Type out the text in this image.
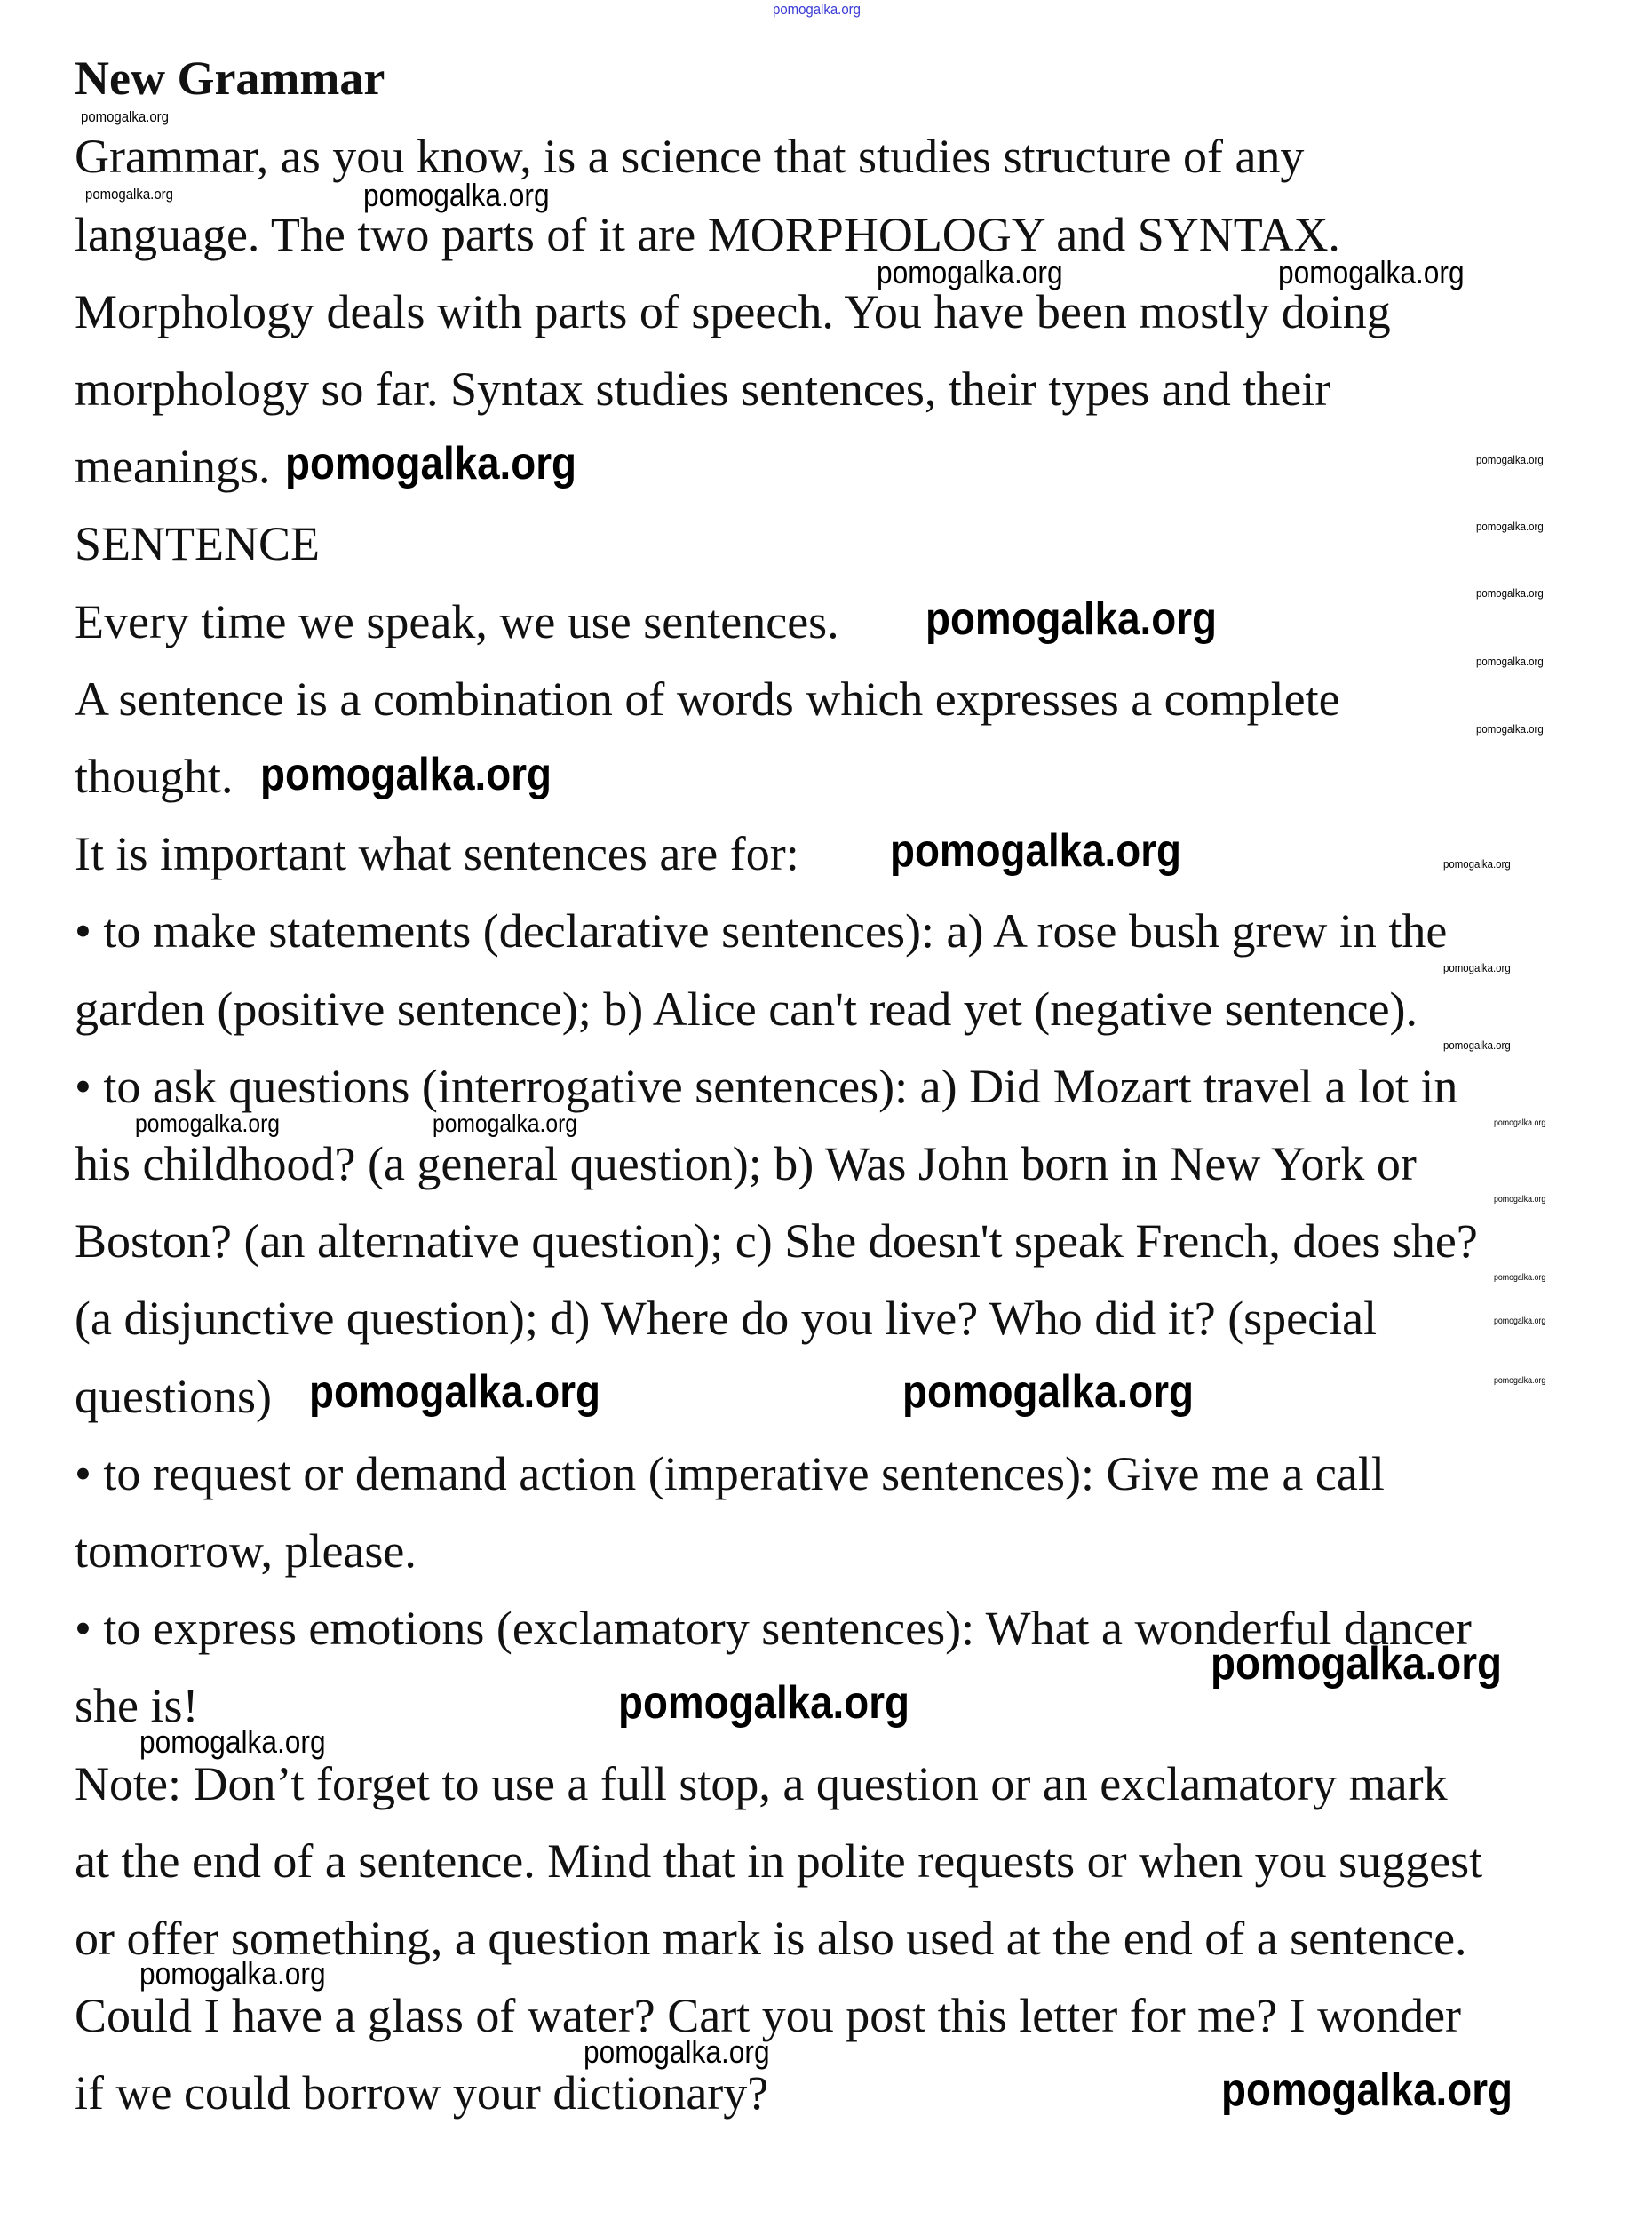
New Grammar
Grammar, as you know, is a science that studies structure of any
language. The two parts of it are MORPHOLOGY and SYNTAX.
Morphology deals with parts of speech. You have been mostly doing
morphology so far. Syntax studies sentences, their types and their
meanings.
SENTENCE
Every time we speak, we use sentences.
A sentence is a combination of words which expresses a complete
thought.
It is important what sentences are for:
• to make statements (declarative sentences): a) A rose bush grew in the
garden (positive sentence); b) Alice can't read yet (negative sentence).
• to ask questions (interrogative sentences): a) Did Mozart travel a lot in
his childhood? (a general question); b) Was John born in New York or
Boston? (an alternative question); c) She doesn't speak French, does she?
(a disjunctive question); d) Where do you live? Who did it? (special
questions)
• to request or demand action (imperative sentences): Give me a call
tomorrow, please.
• to express emotions (exclamatory sentences): What a wonderful dancer
she is!
Note: Don’t forget to use a full stop, a question or an exclamatory mark
at the end of a sentence. Mind that in polite requests or when you suggest
or offer something, a question mark is also used at the end of a sentence.
Could I have a glass of water? Cart you post this letter for me? I wonder
if we could borrow your dictionary?
pomogalka.org
pomogalka.org
pomogalka.org
pomogalka.org
pomogalka.org	pomogalka.org
pomogalka.org
pomogalka.org
pomogalka.org
pomogalka.org
pomogalka.org
pomogalka.org
pomogalka.org
pomogalka.org
pomogalka.org	pomogalka.org
pomogalka.org
pomogalka.org
pomogalka.org	pomogalka.org	pomogalka.org
pomogalka.org
pomogalka.org
pomogalka.org
pomogalka.org
pomogalka.org
pomogalka.org
pomogalka.org
pomogalka.org
pomogalka.org
pomogalka.org
pomogalka.org
pomogalka.org
